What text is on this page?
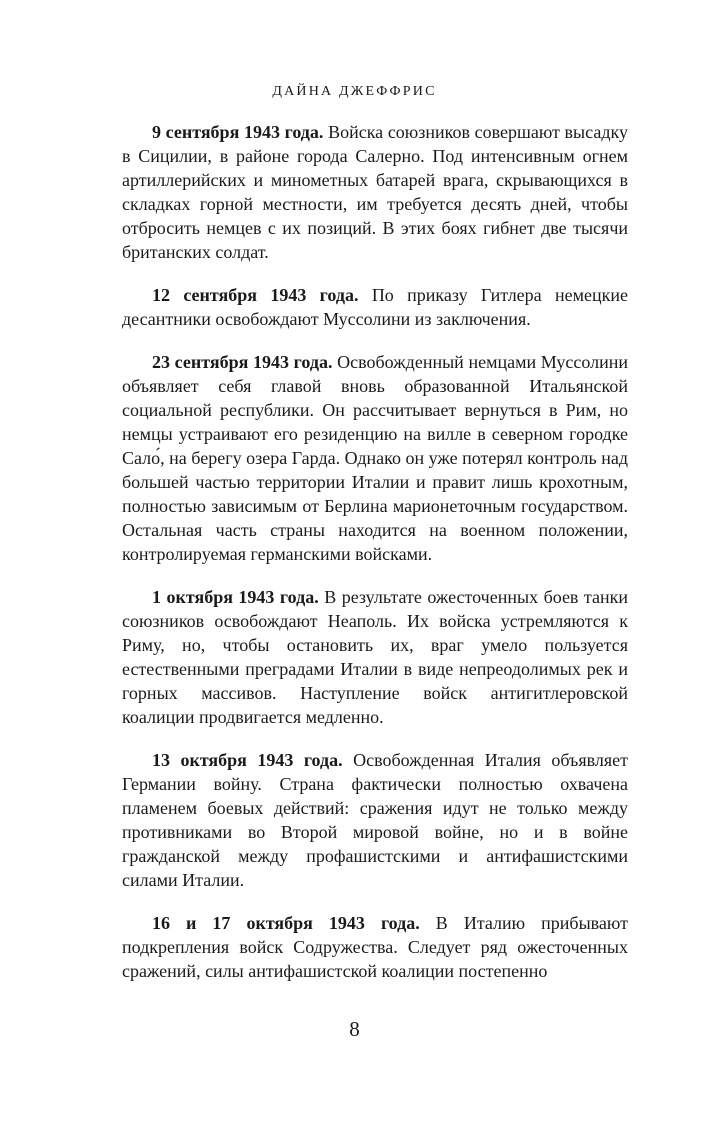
ДАЙНА ДЖЕФФРИС

9 сентября 1943 года. Войска союзников совершают высадку в Сицилии, в районе города Салерно. Под интенсивным огнем артиллерийских и минометных батарей врага, скрывающихся в складках горной местности, им требуется десять дней, чтобы отбросить немцев с их позиций. В этих боях гибнет две тысячи британских солдат.

12 сентября 1943 года. По приказу Гитлера немецкие десантники освобождают Муссолини из заключения.

23 сентября 1943 года. Освобожденный немцами Муссолини объявляет себя главой вновь образованной Итальянской социальной республики. Он рассчитывает вернуться в Рим, но немцы устраивают его резиденцию на вилле в северном городке Сало́, на берегу озера Гарда. Однако он уже потерял контроль над большей частью территории Италии и правит лишь крохотным, полностью зависимым от Берлина марионеточным государством. Остальная часть страны находится на военном положении, контролируемая германскими войсками.

1 октября 1943 года. В результате ожесточенных боев танки союзников освобождают Неаполь. Их войска устремляются к Риму, но, чтобы остановить их, враг умело пользуется естественными преградами Италии в виде непреодолимых рек и горных массивов. Наступление войск антигитлеровской коалиции продвигается медленно.

13 октября 1943 года. Освобожденная Италия объявляет Германии войну. Страна фактически полностью охвачена пламенем боевых действий: сражения идут не только между противниками во Второй мировой войне, но и в войне гражданской между профашистскими и антифашистскими силами Италии.

16 и 17 октября 1943 года. В Италию прибывают подкрепления войск Содружества. Следует ряд ожесточенных сражений, силы антифашистской коалиции постепенно

8
